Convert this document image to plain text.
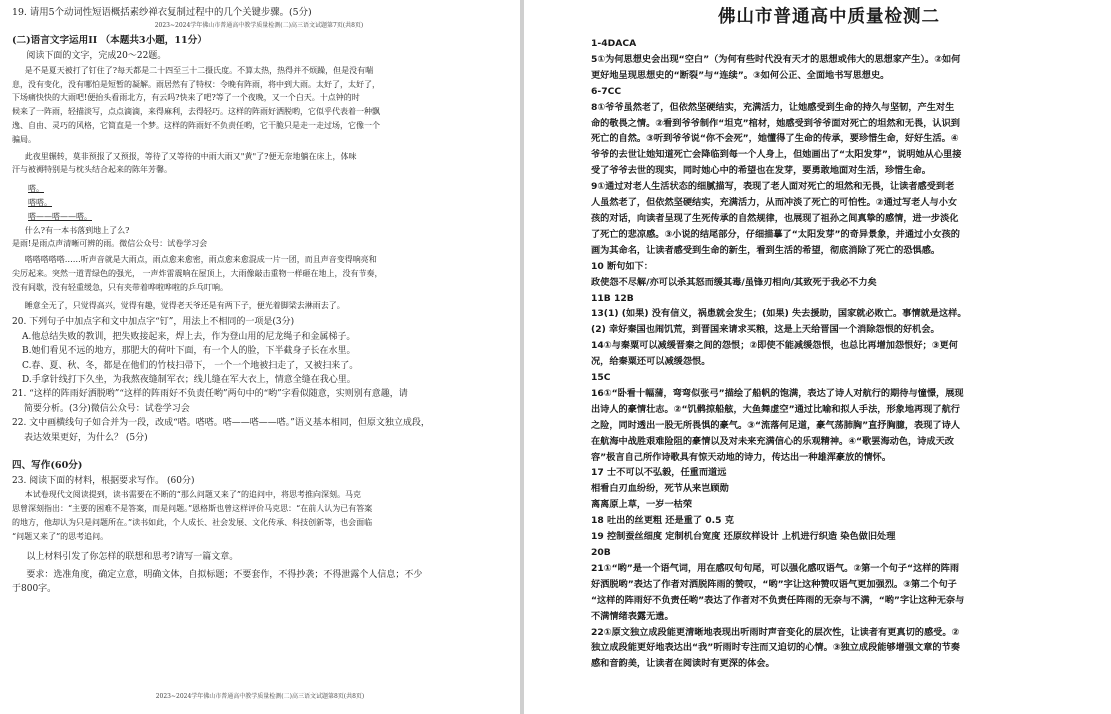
19. 请用5个动词性短语概括素纱禅衣复制过程中的几个关键步骤。(5分)
2023~2024学年佛山市普通高中教学质量检测(二)高三语文试题第7页(共8页)
(二)语言文字运用II （本题共3小题，11分）
阅读下面的文字，完成20～22题。
是不是夏天被打了钉住了?每天都是二十四至三十二摄氏度。不算太热，热得并不烦躁，但是没有喘
息，没有变化，没有哪怕是短暂的凝解。雨居然有了特权：令晚有阵雨，将中到大雨。太好了，太好了，
下场痛快快的大雨吧!便抬头看雨北方，有云吗?快来了吧?等了一个夜晚，又一个白天。十点钟的时
候来了一阵雨，轻描淡写，点点滴滴，来得麻利，去得轻巧。这样的阵雨好洒脱哟，它似乎代表着一种飘
逸、自由、灵巧的风格，它简直是一个梦。这样的阵雨好不负责任哟，它干脆只是走一走过场，它像一个
骗局。
此夜里辗转，莫非预报了又预报，等待了又等待的中雨大雨又"黄"了?便无奈地躺在床上，体味
汗与被褥特别是与枕头结合起来的陈年芳馨。
嗒。
嗒嗒。
嗒——嗒——嗒。
什么?有一本书落到地上了么?
是雨!是雨点声清晰可辨的雨。微信公众号：试卷学习会
嗒嗒嗒嗒嗒……听声音就是大雨点，雨点愈来愈密，雨点愈来愈混成一片一团，而且声音变得响亮和
尖厉起来。突然一道青绿色的强光， 一声炸雷震响在屋顶上，大雨像敲击重物一样砸在地上，没有节奏，
没有间歇，没有轻重缓急，只有夹带着哗啦哗啦的乒乓叮响。
睡意全无了，只觉得高兴，觉得有趣，觉得老天爷还是有两下子，便光着脚梁去淋雨去了。
20. 下列句子中加点字和文中加点字“钉”，用法上不相同的一项是(3分)
A.他总结失败的教训，把失败接起来，焊上去，作为登山用的尼龙绳子和金属梯子。
B.她们看见不远的地方，那肥大的荷叶下面，有一个人的脸，下半截身子长在水里。
C.春、夏、秋、冬，都是在他们的竹枝扫帚下， 一个一个地被扫走了，又被扫来了。
D.手拿针线打下久坐，为我熬夜缝制军衣；线儿缝在军大衣上，情意全缝在我心里。
21. “这样的阵雨好洒脱哟”“这样的阵雨好不负责任哟”两句中的“哟”字看似随意，实则别有意趣，请
简要分析。(3分)微信公众号：试卷学习会
22. 文中画横线句子如合并为一段，改成“嗒。嗒嗒。嗒——嗒——嗒。”语义基本相同，但原文独立成段，
表达效果更好，为什么？ (5分)
四、写作(60分)
23. 阅读下面的材料，根据要求写作。 (60分)
本试卷现代文阅读提到，读书需要在不断的“那么问题又来了”的追问中，将思考推向深刻。马克
思曾深刻指出：“主要的困难不是答案，而是问题。”恩格斯也曾这样评价马克思：“在前人认为已有答案
的地方，他却认为只是问题所在。”读书如此，个人成长、社会发展、文化传承、科技创新等，也会面临
“问题又来了”的思考追问。
以上材料引发了你怎样的联想和思考?请写一篇文章。
要求：选准角度，确定立意，明确文体，自拟标题；不要套作，不得抄袭；不得泄露个人信息；不少
于800字。
2023~2024学年佛山市普通高中教学质量检测(二)高三语文试题第8页(共8页)
佛山市普通高中质量检测二
1-4DACA
5①为何思想史会出现“空白”（为何有些时代没有天才的思想或伟大的思想家产生）。②如何
更好地呈现思想史的“断裂”与“连续”。③如何公正、全面地书写思想史。
6-7CC
8①爷爷虽然老了，但依然坚硬结实，充满活力，让她感受到生命的持久与坚韧，产生对生
命的敬畏之情。②看到爷爷制作“坦克”棺材，她感受到爷爷面对死亡的坦然和无畏，认识到
死亡的自然。③听到爷爷说“你不会死”，她懂得了生命的传承，要珍惜生命，好好生活。④
爷爷的去世让她知道死亡会降临到每一个人身上，但她画出了“太阳发芽”，说明她从心里接
受了爷爷去世的现实，同时她心中的希望也在发芽，要勇敢地面对生活，珍惜生命。
9①通过对老人生活状态的细腻描写，表现了老人面对死亡的坦然和无畏，让读者感受到老
人虽然老了，但依然坚硬结实，充满活力，从而冲淡了死亡的可怕性。②通过写老人与小女
孩的对话，向读者呈现了生死传承的自然规律，也展现了祖孙之间真挚的感情，进一步淡化
了死亡的悲凉感。③小说的结尾部分，仔细描摹了“太阳发芽”的奇异景象，并通过小女孩的
画为其命名，让读者感受到生命的新生，看到生活的希望，彻底消除了死亡的恐惧感。
10 断句如下：
政使怨不尽解/亦可以杀其怒而缓其毒/虽锋刃相向/其致死于我必不力矣
11B 12B
13(1) (如果) 没有信义，祸患就会发生；(如果) 失去援助，国家就必败亡。事情就是这样。
(2) 幸好秦国也闹饥荒，到晋国来请求买粮，这是上天给晋国一个消除怨恨的好机会。
14①与秦粟可以减缓晋秦之间的怨恨；②即使不能减缓怨恨，也总比再增加怨恨好；③更何
况，给秦粟还可以减缓怨恨。
15C
16①“卧看十幅蒲，弯弯似张弓”描绘了船帆的饱满，表达了诗人对航行的期待与憧憬，展现
出诗人的豪情壮志。②“饥鹘掠船舷，大鱼舞虚空”通过比喻和拟人手法，形象地再现了航行
之险，同时透出一股无所畏惧的豪气。③“流落何足道，豪气荡肺胸”直抒胸臆，表现了诗人
在航海中战胜艰难险阻的豪情以及对未来充满信心的乐观精神。④“歌罢海动色，诗成天改
容”极言自己所作诗歌具有惊天动地的诗力，传达出一种雄浑豪放的情怀。
17 士不可以不弘毅，任重而道远
相看白刃血纷纷，死节从来岂顾勋
离离原上草，一岁一枯荣
18 吐出的丝更粗 还是重了 0.5 克
19 控制蚕丝细度 定制机台宽度 还原纹样设计 上机进行织造 染色做旧处理
20B
21①“哟”是一个语气词，用在感叹句句尾，可以强化感叹语气。②第一个句子“这样的阵雨
好洒脱哟”表达了作者对洒脱阵雨的赞叹，“哟”字让这种赞叹语气更加强烈。③第二个句子
“这样的阵雨好不负责任哟”表达了作者对不负责任阵雨的无奈与不满，“哟”字让这种无奈与
不满情绪表露无遗。
22①原文独立成段能更清晰地表现出听雨时声音变化的层次性，让读者有更真切的感受。②
独立成段能更好地表达出“我”听雨时专注而又迫切的心情。③独立成段能够增强文章的节奏
感和音韵美，让读者在阅读时有更深的体会。
